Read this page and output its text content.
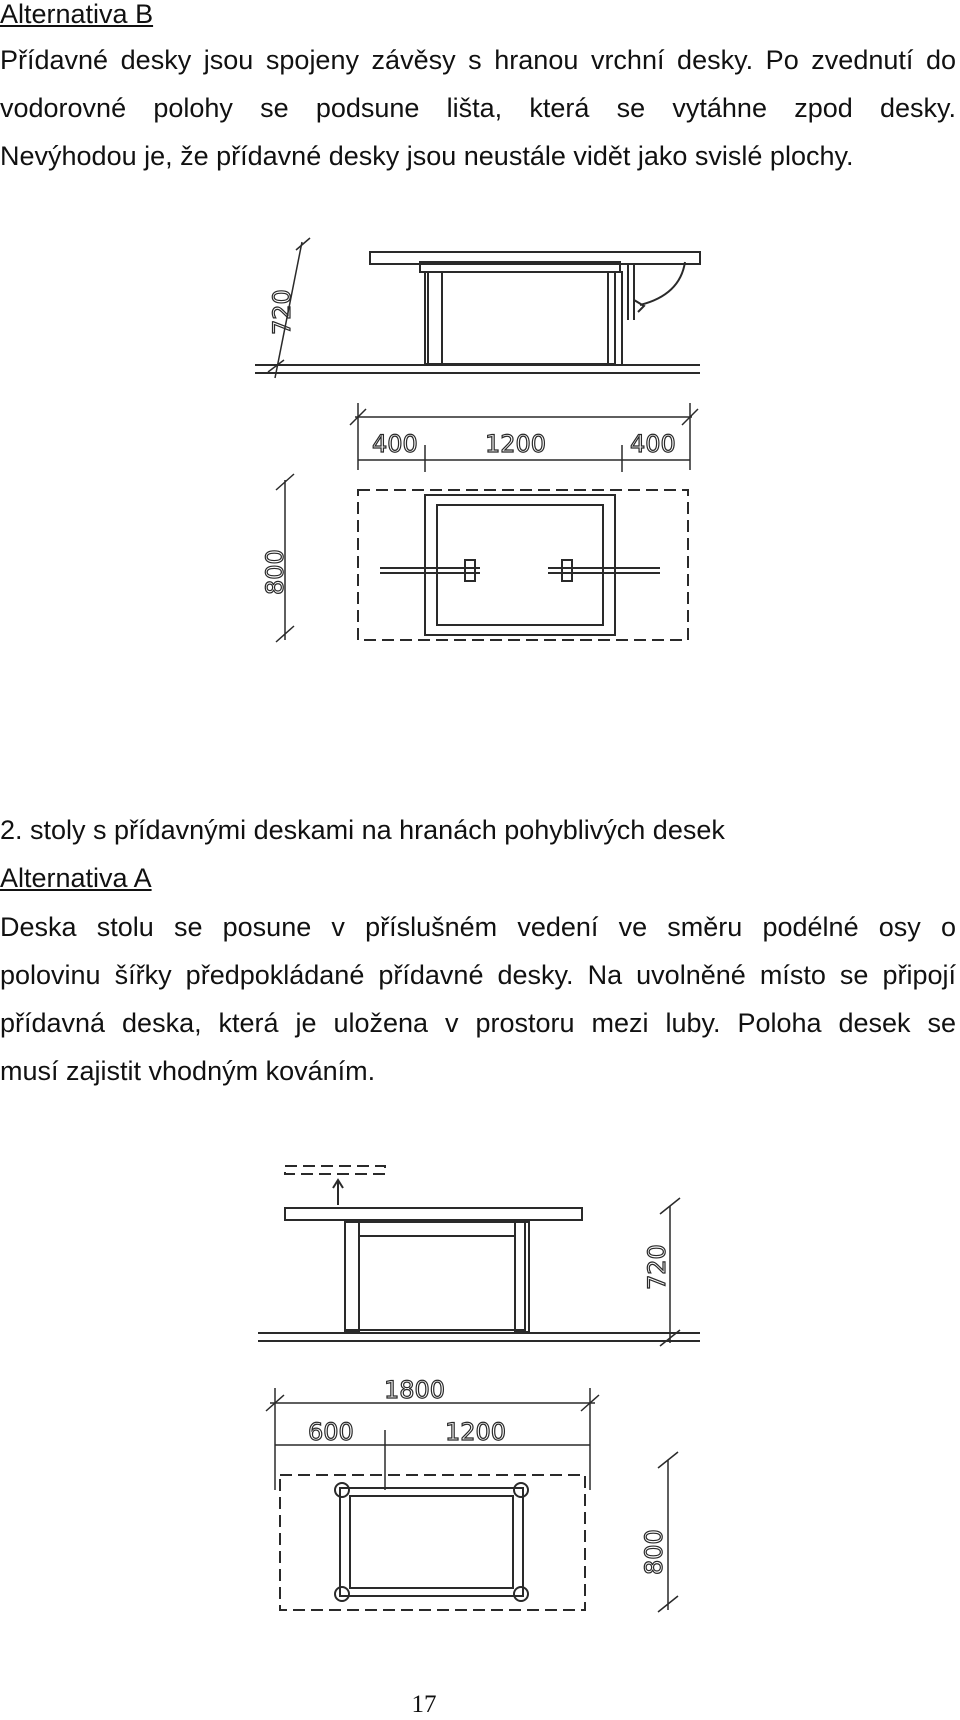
Alternativa B
Přídavné desky jsou spojeny závěsy s hranou vrchní desky. Po zvednutí do
vodorovné polohy se podsune lišta, která se vytáhne zpod desky.
Nevýhodou je, že přídavné desky jsou neustále vidět jako svislé plochy.
720
400	1200	400
800
2. stoly s přídavnými deskami na hranách pohyblivých desek
Alternativa A
Deska stolu se posune v příslušném vedení ve směru podélné osy o
polovinu šířky předpokládané přídavné desky. Na uvolněné místo se připojí
přídavná deska, která je uložena v prostoru mezi luby. Poloha desek se
musí zajistit vhodným kováním.
720
1800
600	1200
800
17
